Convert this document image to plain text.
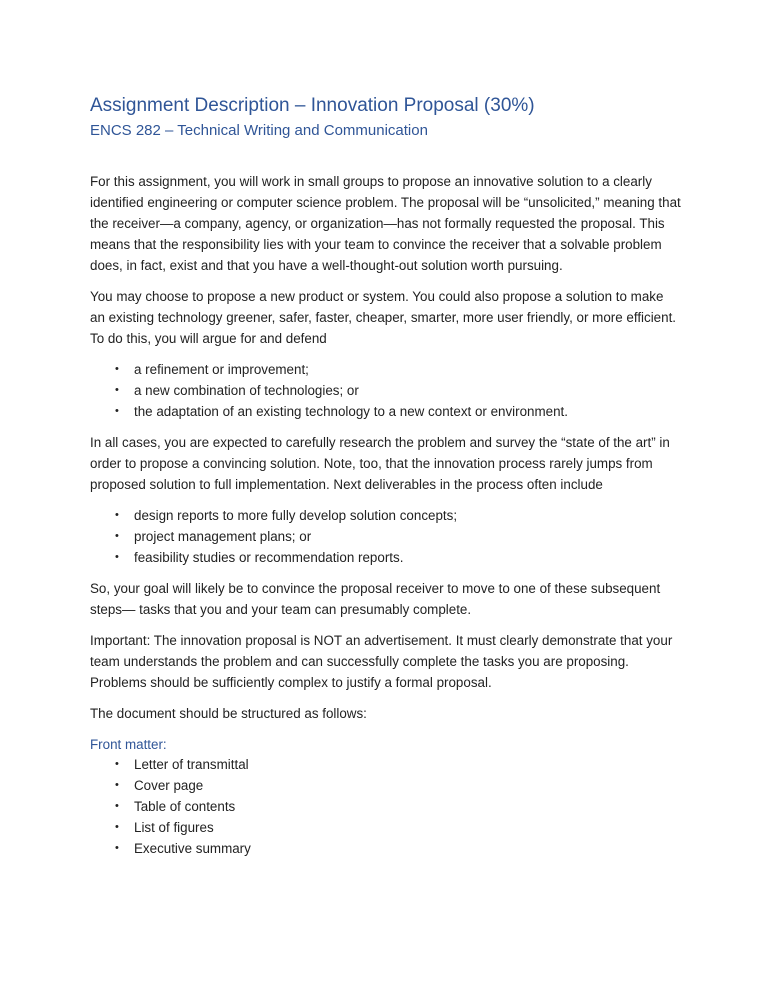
Assignment Description – Innovation Proposal (30%)
ENCS 282 – Technical Writing and Communication

For this assignment, you will work in small groups to propose an innovative solution to a clearly identified engineering or computer science problem. The proposal will be “unsolicited,” meaning that the receiver—a company, agency, or organization—has not formally requested the proposal. This means that the responsibility lies with your team to convince the receiver that a solvable problem does, in fact, exist and that you have a well-thought-out solution worth pursuing.

You may choose to propose a new product or system. You could also propose a solution to make an existing technology greener, safer, faster, cheaper, smarter, more user friendly, or more efficient. To do this, you will argue for and defend

• a refinement or improvement;
• a new combination of technologies; or
• the adaptation of an existing technology to a new context or environment.

In all cases, you are expected to carefully research the problem and survey the “state of the art” in order to propose a convincing solution. Note, too, that the innovation process rarely jumps from proposed solution to full implementation. Next deliverables in the process often include

• design reports to more fully develop solution concepts;
• project management plans; or
• feasibility studies or recommendation reports.

So, your goal will likely be to convince the proposal receiver to move to one of these subsequent steps— tasks that you and your team can presumably complete.

Important: The innovation proposal is NOT an advertisement. It must clearly demonstrate that your team understands the problem and can successfully complete the tasks you are proposing. Problems should be sufficiently complex to justify a formal proposal.

The document should be structured as follows:

Front matter:
• Letter of transmittal
• Cover page
• Table of contents
• List of figures
• Executive summary
